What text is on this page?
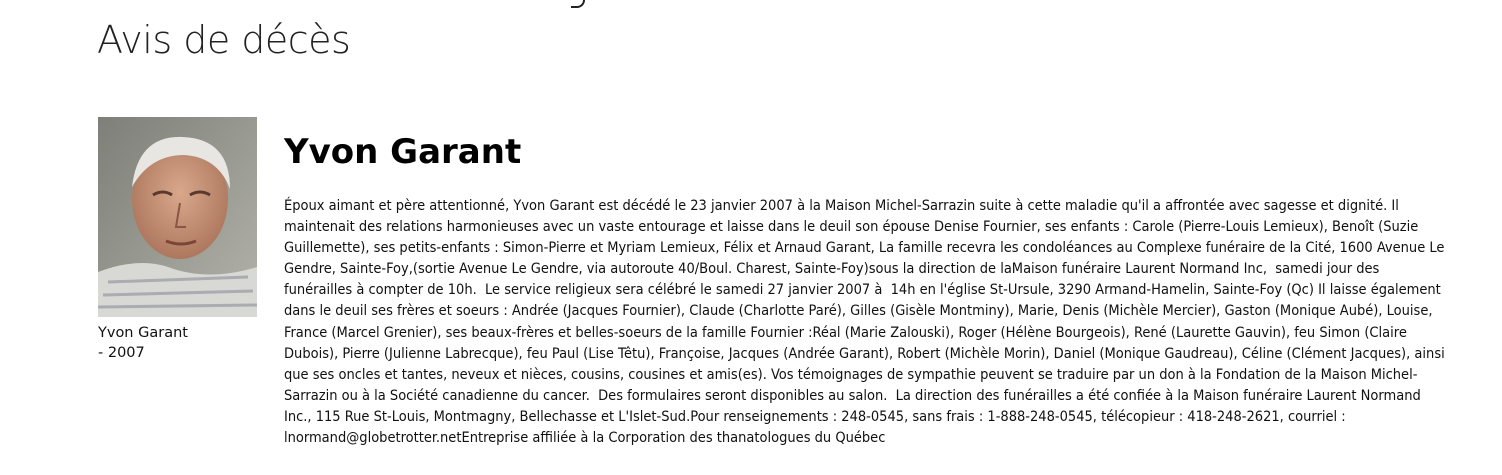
Avis de décès
Yvon Garant
- 2007
Yvon Garant

Époux aimant et père attentionné, Yvon Garant est décédé le 23 janvier 2007 à la Maison Michel-Sarrazin suite à cette maladie qu'il a affrontée avec sagesse et dignité. Il maintenait des relations harmonieuses avec un vaste entourage et laisse dans le deuil son épouse Denise Fournier, ses enfants : Carole (Pierre-Louis Lemieux), Benoît (Suzie Guillemette), ses petits-enfants : Simon-Pierre et Myriam Lemieux, Félix et Arnaud Garant, La famille recevra les condoléances au Complexe funéraire de la Cité, 1600 Avenue Le Gendre, Sainte-Foy,(sortie Avenue Le Gendre, via autoroute 40/Boul. Charest, Sainte-Foy)sous la direction de laMaison funéraire Laurent Normand Inc,  samedi jour des funérailles à compter de 10h.  Le service religieux sera célébré le samedi 27 janvier 2007 à  14h en l'église St-Ursule, 3290 Armand-Hamelin, Sainte-Foy (Qc) Il laisse également dans le deuil ses frères et soeurs : Andrée (Jacques Fournier), Claude (Charlotte Paré), Gilles (Gisèle Montminy), Marie, Denis (Michèle Mercier), Gaston (Monique Aubé), Louise, France (Marcel Grenier), ses beaux-frères et belles-soeurs de la famille Fournier :Réal (Marie Zalouski), Roger (Hélène Bourgeois), René (Laurette Gauvin), feu Simon (Claire Dubois), Pierre (Julienne Labrecque), feu Paul (Lise Têtu), Françoise, Jacques (Andrée Garant), Robert (Michèle Morin), Daniel (Monique Gaudreau), Céline (Clément Jacques), ainsi que ses oncles et tantes, neveux et nièces, cousins, cousines et amis(es). Vos témoignages de sympathie peuvent se traduire par un don à la Fondation de la Maison Michel-Sarrazin ou à la Société canadienne du cancer.  Des formulaires seront disponibles au salon.  La direction des funérailles a été confiée à la Maison funéraire Laurent Normand Inc., 115 Rue St-Louis, Montmagny, Bellechasse et L'Islet-Sud.Pour renseignements : 248-0545, sans frais : 1-888-248-0545, télécopieur : 418-248-2621, courriel : lnormand@globetrotter.netEntreprise affiliée à la Corporation des thanatologues du Québec
